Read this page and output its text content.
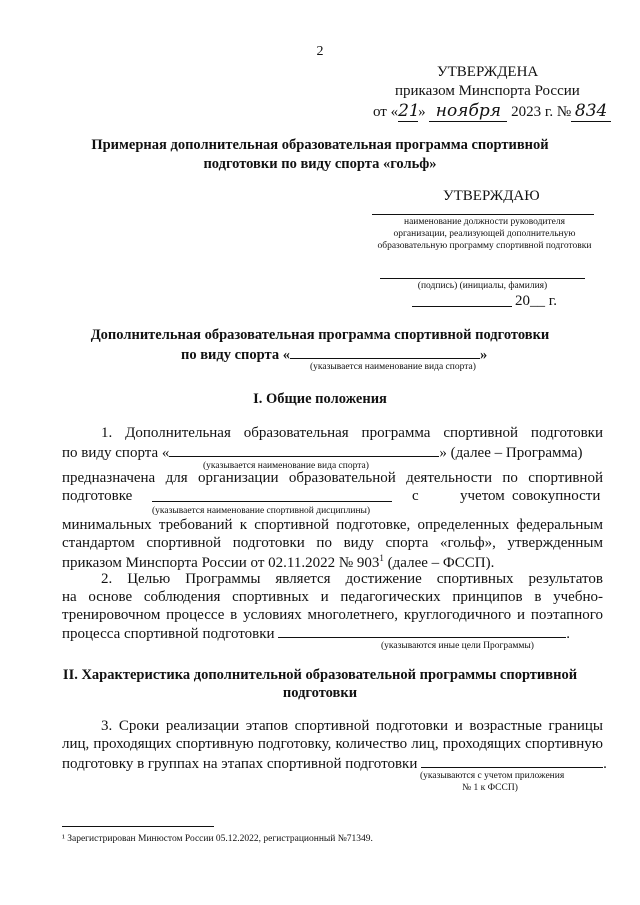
2
УТВЕРЖДЕНА
приказом Минспорта России
от «21» ноября 2023 г. № 834
Примерная дополнительная образовательная программа спортивной
подготовки по виду спорта «гольф»
УТВЕРЖДАЮ
наименование должности руководителя
организации, реализующей дополнительную
образовательную программу спортивной подготовки
(подпись) (инициалы, фамилия)
20__ г.
Дополнительная образовательная программа спортивной подготовки
по виду спорта «	»
(указывается наименование вида спорта)
I. Общие положения
1. Дополнительная образовательная программа спортивной подготовки
по виду спорта «	» (далее – Программа)
(указывается наименование вида спорта)
предназначена для организации образовательной деятельности по спортивной
подготовке	с	учетом совокупности
(указывается наименование спортивной дисциплины)
минимальных требований к спортивной подготовке, определенных федеральным
стандартом спортивной подготовки по виду спорта «гольф», утвержденным
приказом Минспорта России от 02.11.2022 № $903^1$ (далее – ФССП).
2. Целью Программы является достижение спортивных результатов
на основе соблюдения спортивных и педагогических принципов в учебно-
тренировочном процессе в условиях многолетнего, круглогодичного и поэтапного
процесса спортивной подготовки	.
(указываются иные цели Программы)
II. Характеристика дополнительной образовательной программы спортивной
подготовки
3. Сроки реализации этапов спортивной подготовки и возрастные границы
лиц, проходящих спортивную подготовку, количество лиц, проходящих спортивную
подготовку в группах на этапах спортивной подготовки	.
(указываются с учетом приложения
№ 1 к ФССП)
¹ Зарегистрирован Минюстом России 05.12.2022, регистрационный №71349.
